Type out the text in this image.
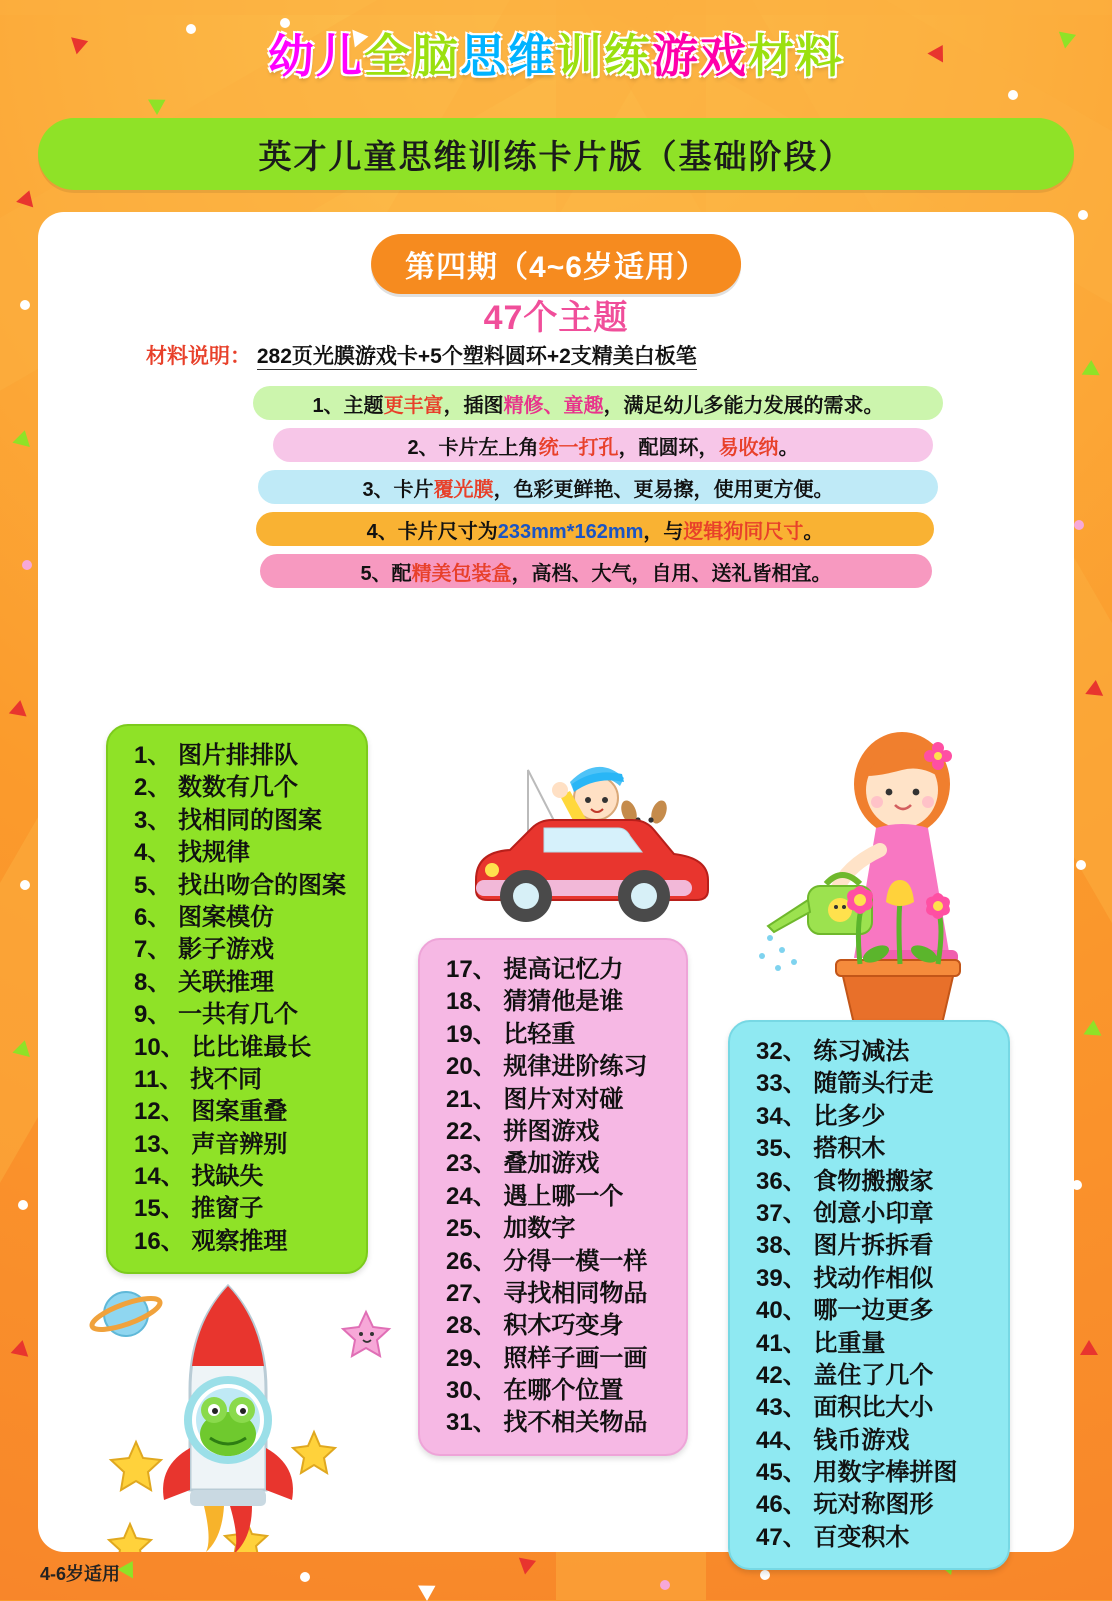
幼儿全脑思维训练游戏材料
英才儿童思维训练卡片版（基础阶段）
第四期（4~6岁适用）
47个主题
材料说明： 282页光膜游戏卡+5个塑料圆环+2支精美白板笔
1、主题更丰富，插图精修、童趣，满足幼儿多能力发展的需求。
2、卡片左上角统一打孔，配圆环，易收纳。
3、卡片覆光膜，色彩更鲜艳、更易擦，使用更方便。
4、卡片尺寸为233mm*162mm，与逻辑狗同尺寸。
5、配精美包装盒，高档、大气，自用、送礼皆相宜。
1、 图片排排队
2、 数数有几个
3、 找相同的图案
4、 找规律
5、 找出吻合的图案
6、 图案模仿
7、 影子游戏
8、 关联推理
9、 一共有几个
10、 比比谁最长
11、 找不同
12、 图案重叠
13、 声音辨别
14、 找缺失
15、 推窗子
16、 观察推理
17、 提高记忆力
18、 猜猜他是谁
19、 比轻重
20、 规律进阶练习
21、 图片对对碰
22、 拼图游戏
23、 叠加游戏
24、 遇上哪一个
25、 加数字
26、 分得一模一样
27、 寻找相同物品
28、 积木巧变身
29、 照样子画一画
30、 在哪个位置
31、 找不相关物品
32、 练习减法
33、 随箭头行走
34、 比多少
35、 搭积木
36、 食物搬搬家
37、 创意小印章
38、 图片拆拆看
39、 找动作相似
40、 哪一边更多
41、 比重量
42、 盖住了几个
43、 面积比大小
44、 钱币游戏
45、 用数字棒拼图
46、 玩对称图形
47、 百变积木
4-6岁适用
